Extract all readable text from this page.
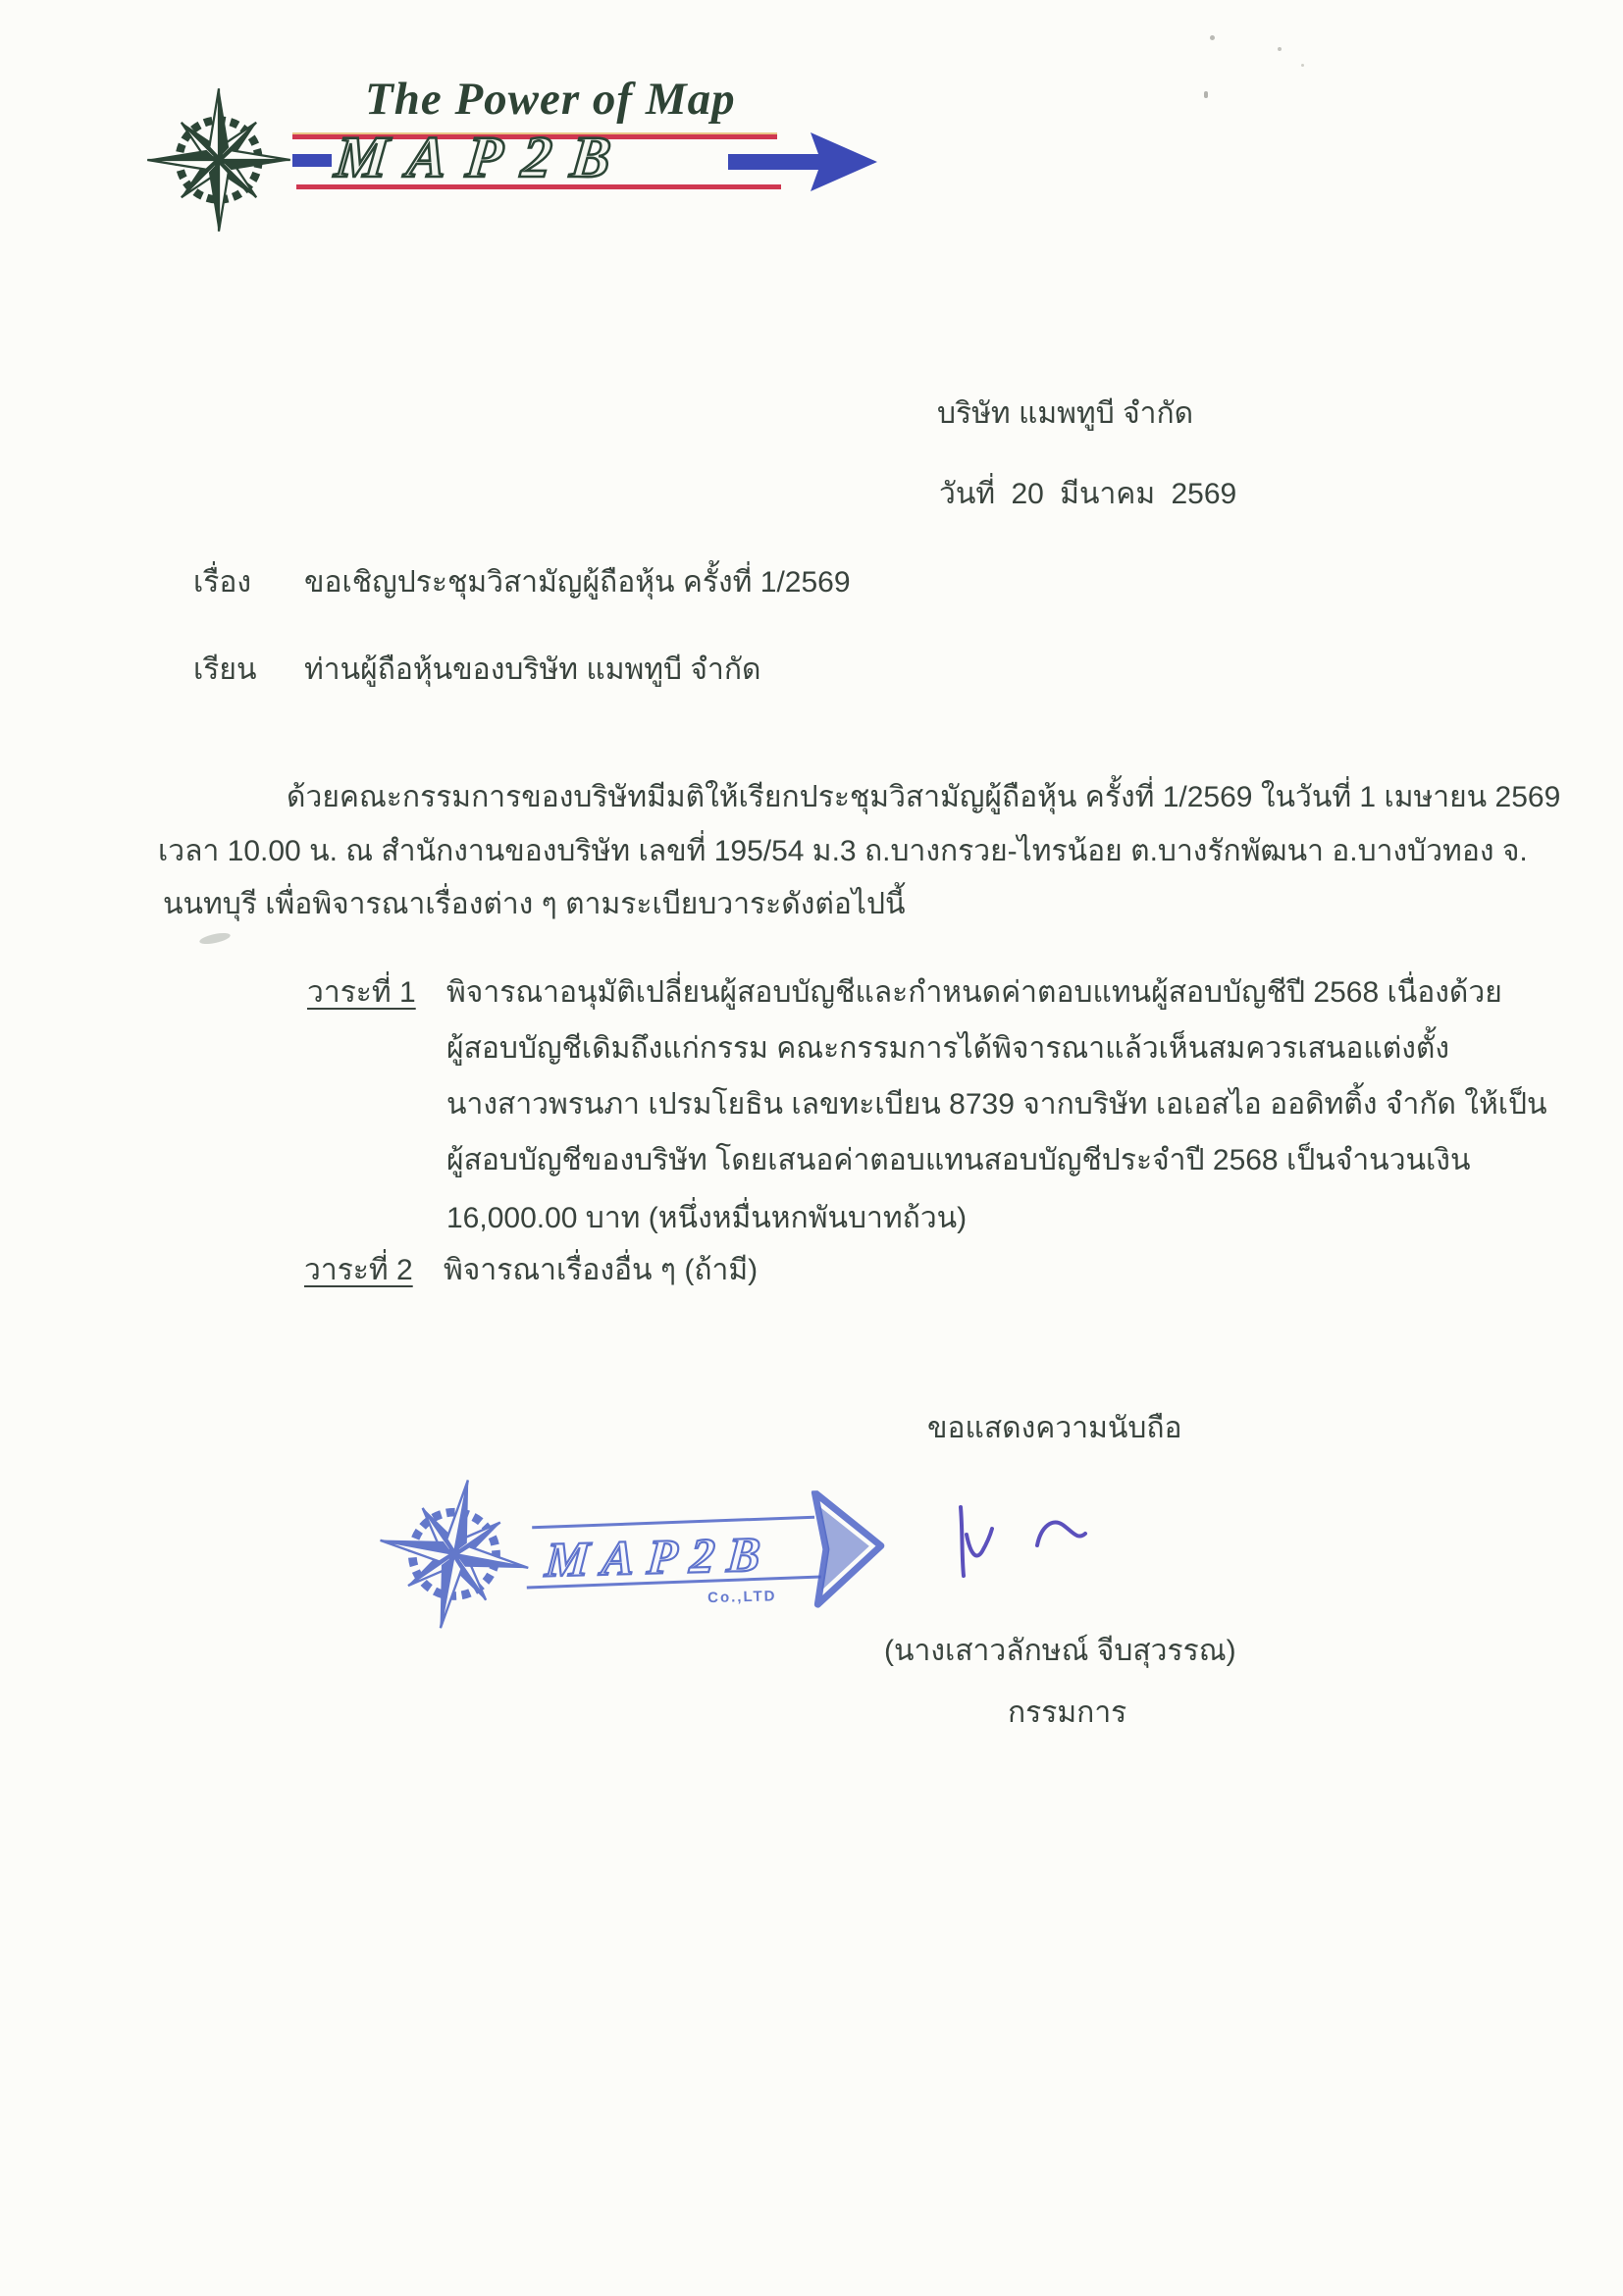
The Power of Map
MAP2B
บริษัท แมพทูบี จำกัด
วันที่ 20 มีนาคม 2569
เรื่อง ขอเชิญประชุมวิสามัญผู้ถือหุ้น ครั้งที่ 1/2569
เรียน ท่านผู้ถือหุ้นของบริษัท แมพทูบี จำกัด
ด้วยคณะกรรมการของบริษัทมีมติให้เรียกประชุมวิสามัญผู้ถือหุ้น ครั้งที่ 1/2569 ในวันที่ 1 เมษายน 2569
เวลา 10.00 น. ณ สำนักงานของบริษัท เลขที่ 195/54 ม.3 ถ.บางกรวย-ไทรน้อย ต.บางรักพัฒนา อ.บางบัวทอง จ.
นนทบุรี เพื่อพิจารณาเรื่องต่าง ๆ ตามระเบียบวาระดังต่อไปนี้
วาระที่ 1 พิจารณาอนุมัติเปลี่ยนผู้สอบบัญชีและกำหนดค่าตอบแทนผู้สอบบัญชีปี 2568 เนื่องด้วย
ผู้สอบบัญชีเดิมถึงแก่กรรม คณะกรรมการได้พิจารณาแล้วเห็นสมควรเสนอแต่งตั้ง
นางสาวพรนภา เปรมโยธิน เลขทะเบียน 8739 จากบริษัท เอเอสไอ ออดิทติ้ง จำกัด ให้เป็น
ผู้สอบบัญชีของบริษัท โดยเสนอค่าตอบแทนสอบบัญชีประจำปี 2568 เป็นจำนวนเงิน
16,000.00 บาท (หนึ่งหมื่นหกพันบาทถ้วน)
วาระที่ 2 พิจารณาเรื่องอื่น ๆ (ถ้ามี)
ขอแสดงความนับถือ
MAP2B
Co.,LTD
(นางเสาวลักษณ์ จีบสุวรรณ)
กรรมการ
